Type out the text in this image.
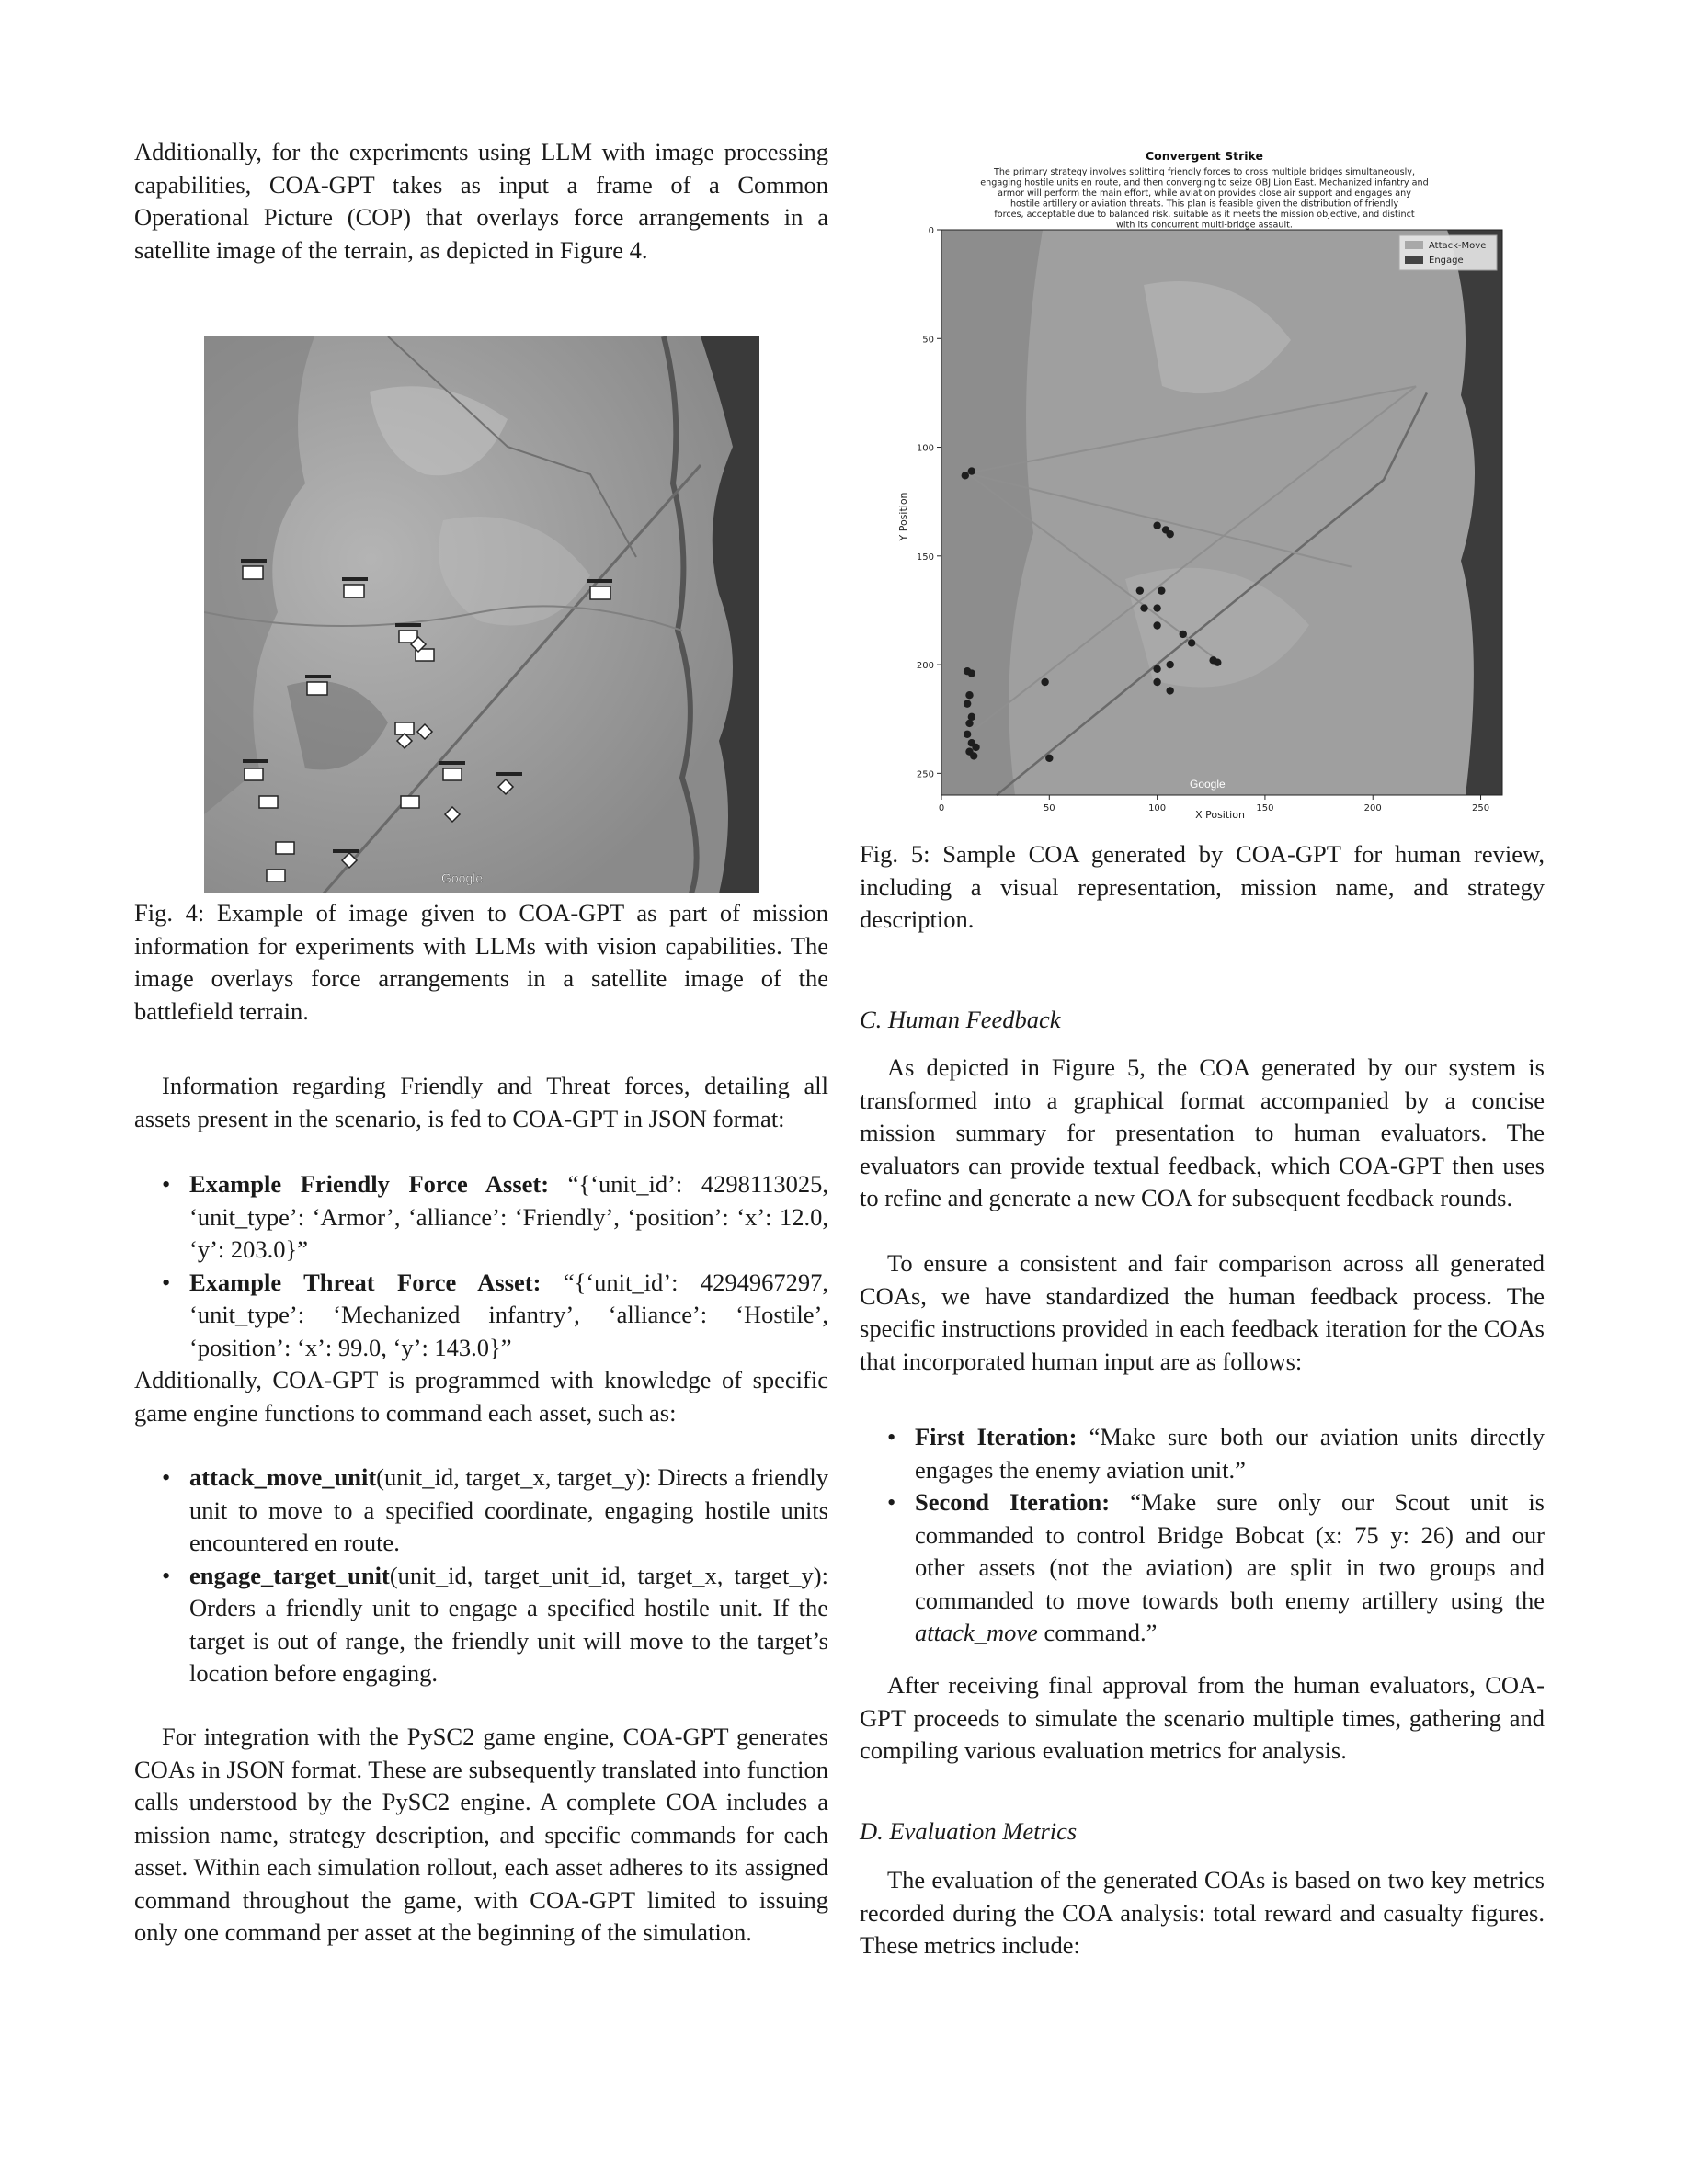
Additionally, for the experiments using LLM with image processing capabilities, COA-GPT takes as input a frame of a Common Operational Picture (COP) that overlays force arrangements in a satellite image of the terrain, as depicted in Figure 4.

Fig. 4: Example of image given to COA-GPT as part of mission information for experiments with LLMs with vision capabilities. The image overlays force arrangements in a satellite image of the battlefield terrain.

Information regarding Friendly and Threat forces, detailing all assets present in the scenario, is fed to COA-GPT in JSON format:

• Example Friendly Force Asset: “{‘unit_id’: 4298113025, ‘unit_type’: ‘Armor’, ‘alliance’: ‘Friendly’, ‘position’: ‘x’: 12.0, ‘y’: 203.0}”
• Example Threat Force Asset: “{‘unit_id’: 4294967297, ‘unit_type’: ‘Mechanized infantry’, ‘alliance’: ‘Hostile’, ‘position’: ‘x’: 99.0, ‘y’: 143.0}”

Additionally, COA-GPT is programmed with knowledge of specific game engine functions to command each asset, such as:

• attack_move_unit(unit_id, target_x, target_y): Directs a friendly unit to move to a specified coordinate, engaging hostile units encountered en route.
• engage_target_unit(unit_id, target_unit_id, target_x, target_y): Orders a friendly unit to engage a specified hostile unit. If the target is out of range, the friendly unit will move to the target’s location before engaging.

For integration with the PySC2 game engine, COA-GPT generates COAs in JSON format. These are subsequently translated into function calls understood by the PySC2 engine. A complete COA includes a mission name, strategy description, and specific commands for each asset. Within each simulation rollout, each asset adheres to its assigned command throughout the game, with COA-GPT limited to issuing only one command per asset at the beginning of the simulation.

Google
Convergent Strike
The primary strategy involves splitting friendly forces to cross multiple bridges simultaneously,
engaging hostile units en route, and then converging to seize OBJ Lion East. Mechanized infantry and
armor will perform the main effort, while aviation provides close air support and engages any
hostile artillery or aviation threats. This plan is feasible given the distribution of friendly
forces, acceptable due to balanced risk, suitable as it meets the mission objective, and distinct
with its concurrent multi-bridge assault.
Google
0	50	100	150	200	250
0
50
100
150
200
250
Attack-Move
Engage
X Position
Y Position

Fig. 5: Sample COA generated by COA-GPT for human review, including a visual representation, mission name, and strategy description.

C. Human Feedback

As depicted in Figure 5, the COA generated by our system is transformed into a graphical format accompanied by a concise mission summary for presentation to human evaluators. The evaluators can provide textual feedback, which COA-GPT then uses to refine and generate a new COA for subsequent feedback rounds.

To ensure a consistent and fair comparison across all generated COAs, we have standardized the human feedback process. The specific instructions provided in each feedback iteration for the COAs that incorporated human input are as follows:

• First Iteration: “Make sure both our aviation units directly engages the enemy aviation unit.”
• Second Iteration: “Make sure only our Scout unit is commanded to control Bridge Bobcat (x: 75 y: 26) and our other assets (not the aviation) are split in two groups and commanded to move towards both enemy artillery using the attack_move command.”

After receiving final approval from the human evaluators, COA-GPT proceeds to simulate the scenario multiple times, gathering and compiling various evaluation metrics for analysis.

D. Evaluation Metrics

The evaluation of the generated COAs is based on two key metrics recorded during the COA analysis: total reward and casualty figures. These metrics include:
